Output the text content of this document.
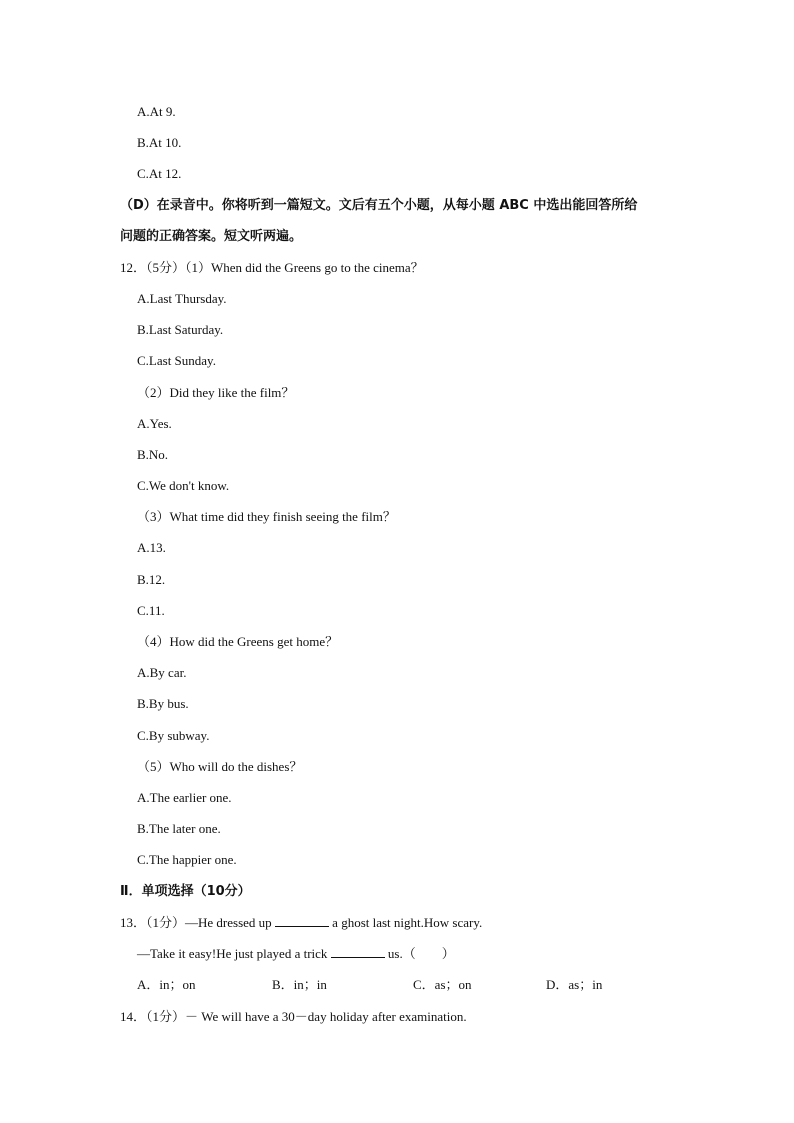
A.At 9.
B.At 10.
C.At 12.
（D）在录音中。你将听到一篇短文。文后有五个小题，从每小题 ABC 中选出能回答所给
问题的正确答案。短文听两遍。
12．（5分）（1）When did the Greens go to the cinema？
A.Last Thursday.
B.Last Saturday.
C.Last Sunday.
（2）Did they like the film？
A.Yes.
B.No.
C.We don't know.
（3）What time did they finish seeing the film？
A.13.
B.12.
C.11.
（4）How did the Greens get home？
A.By car.
B.By bus.
C.By subway.
（5）Who will do the dishes？
A.The earlier one.
B.The later one.
C.The happier one.
Ⅱ．单项选择（10分）
13．（1分）—He dressed up	a ghost last night.How scary.
—Take it easy!He just played a trick	us.（　　）
A．in；on	B．in；in	C．as；on	D．as；in
14．（1分）－ We will have a 30－day holiday after examination.
